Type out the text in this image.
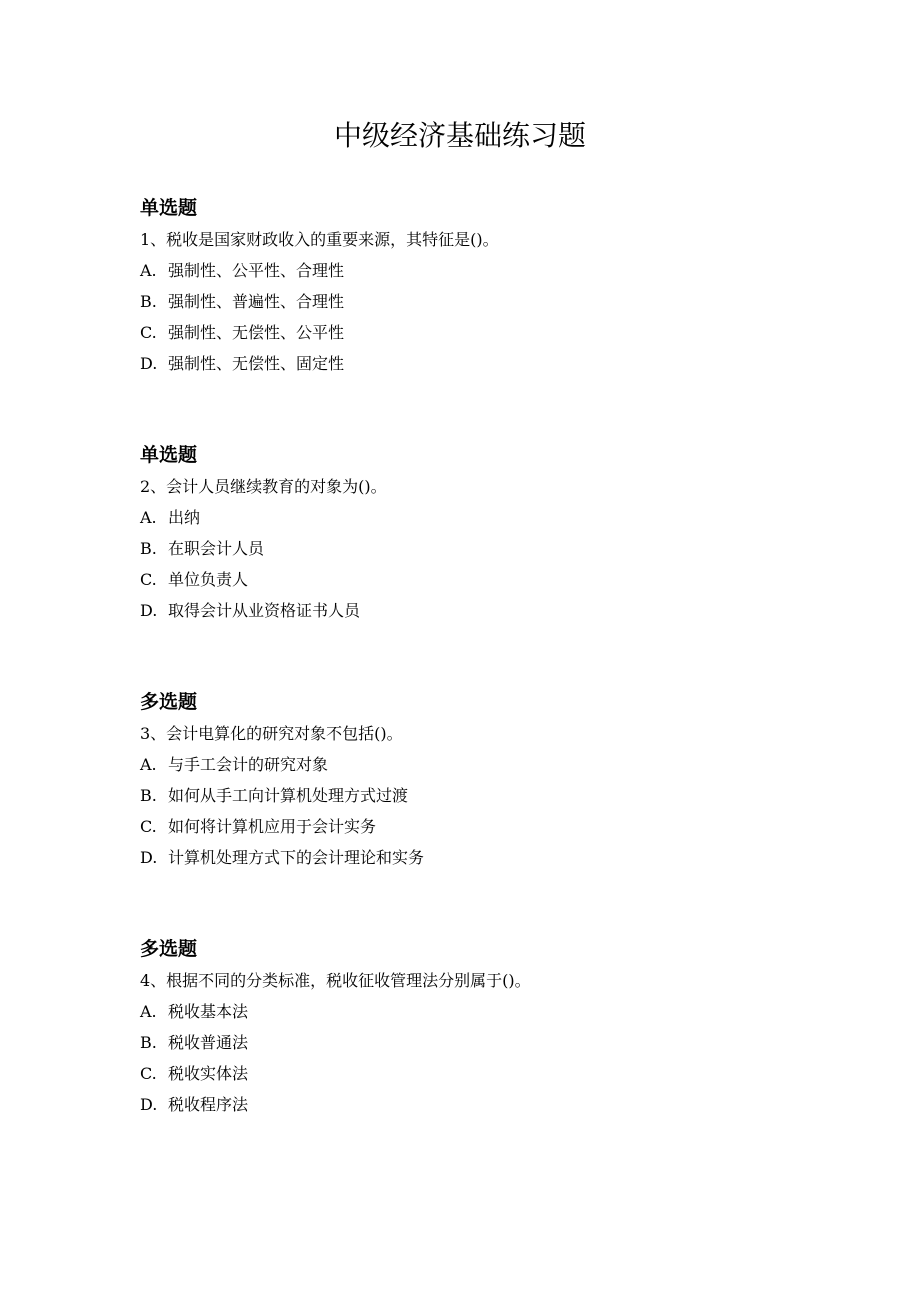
中级经济基础练习题
单选题
1、税收是国家财政收入的重要来源，其特征是()。
A. 强制性、公平性、合理性
B. 强制性、普遍性、合理性
C. 强制性、无偿性、公平性
D. 强制性、无偿性、固定性
单选题
2、会计人员继续教育的对象为()。
A. 出纳
B. 在职会计人员
C. 单位负责人
D. 取得会计从业资格证书人员
多选题
3、会计电算化的研究对象不包括()。
A. 与手工会计的研究对象
B. 如何从手工向计算机处理方式过渡
C. 如何将计算机应用于会计实务
D. 计算机处理方式下的会计理论和实务
多选题
4、根据不同的分类标准，税收征收管理法分别属于()。
A. 税收基本法
B. 税收普通法
C. 税收实体法
D. 税收程序法
